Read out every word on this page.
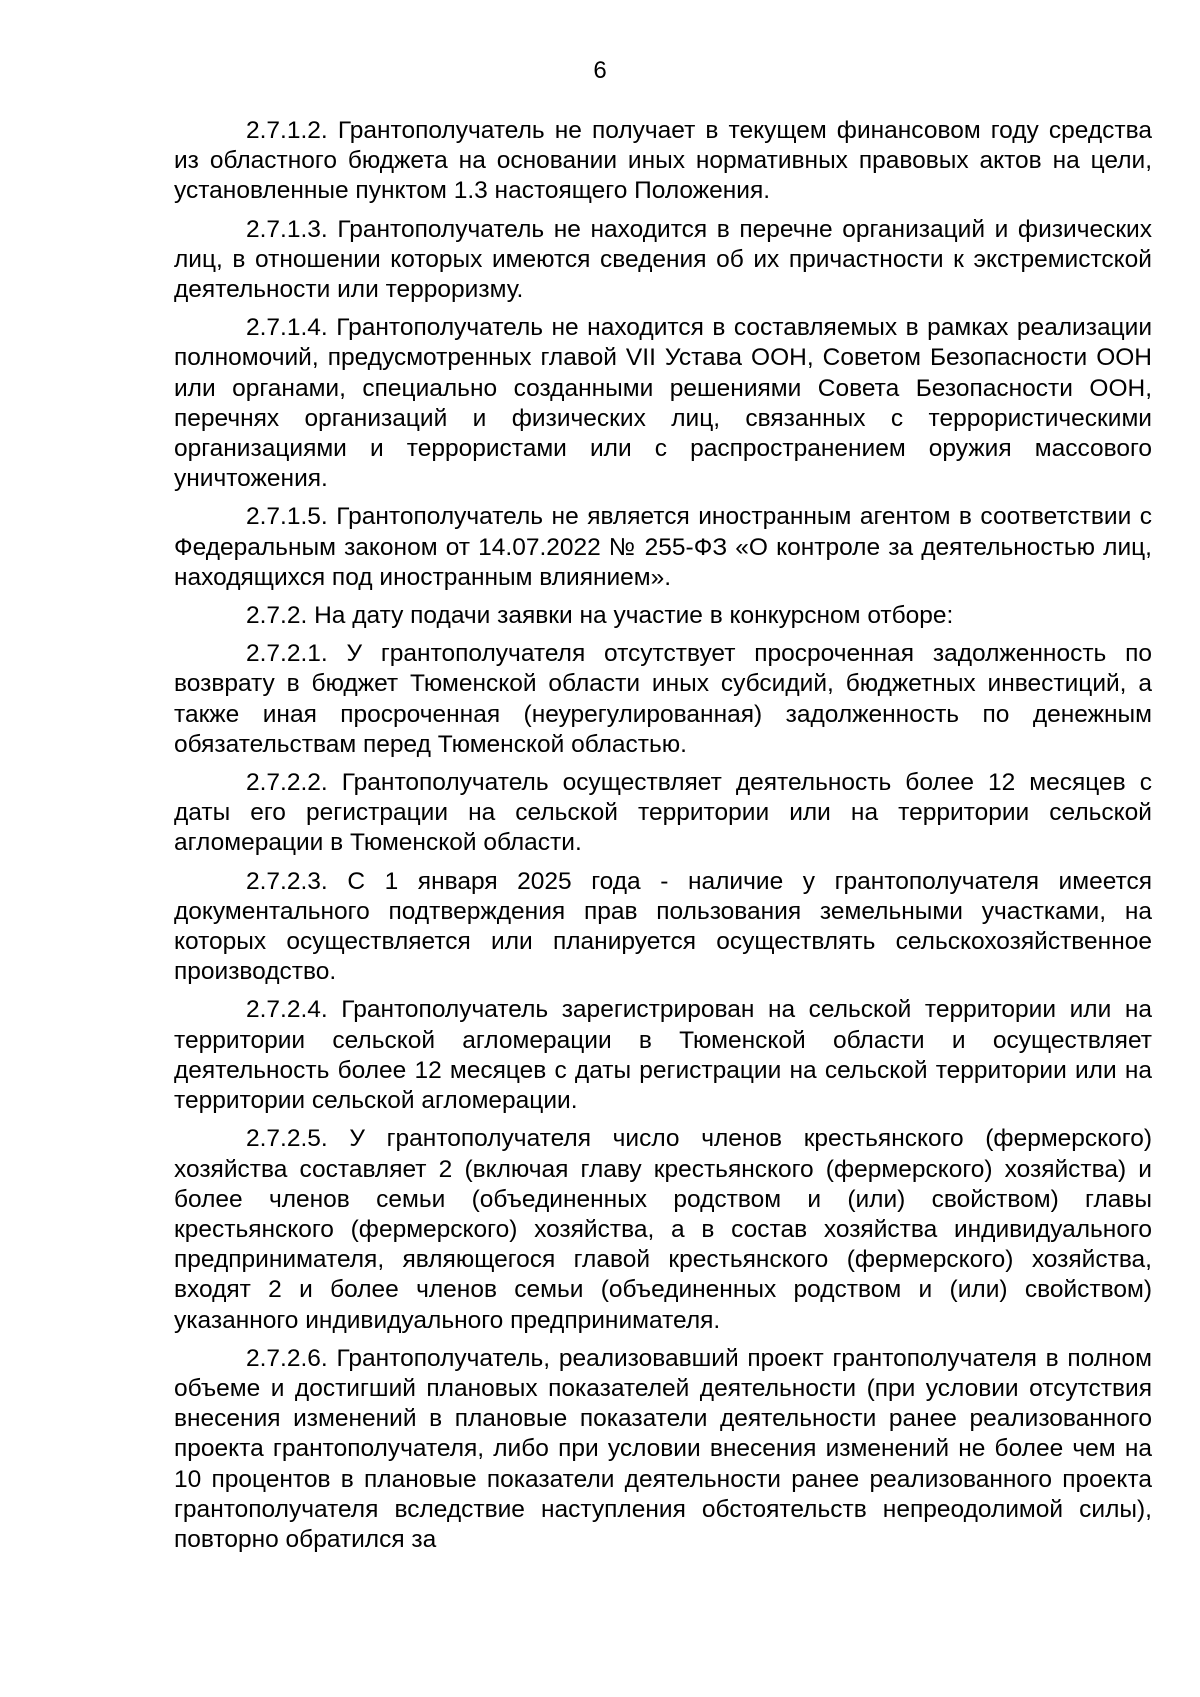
6

2.7.1.2. Грантополучатель не получает в текущем финансовом году средства из областного бюджета на основании иных нормативных правовых актов на цели, установленные пунктом 1.3 настоящего Положения.

2.7.1.3. Грантополучатель не находится в перечне организаций и физических лиц, в отношении которых имеются сведения об их причастности к экстремистской деятельности или терроризму.

2.7.1.4. Грантополучатель не находится в составляемых в рамках реализации полномочий, предусмотренных главой VII Устава ООН, Советом Безопасности ООН или органами, специально созданными решениями Совета Безопасности ООН, перечнях организаций и физических лиц, связанных с террористическими организациями и террористами или с распространением оружия массового уничтожения.

2.7.1.5. Грантополучатель не является иностранным агентом в соответствии с Федеральным законом от 14.07.2022 № 255-ФЗ «О контроле за деятельностью лиц, находящихся под иностранным влиянием».

2.7.2. На дату подачи заявки на участие в конкурсном отборе:

2.7.2.1. У грантополучателя отсутствует просроченная задолженность по возврату в бюджет Тюменской области иных субсидий, бюджетных инвестиций, а также иная просроченная (неурегулированная) задолженность по денежным обязательствам перед Тюменской областью.

2.7.2.2. Грантополучатель осуществляет деятельность более 12 месяцев с даты его регистрации на сельской территории или на территории сельской агломерации в Тюменской области.

2.7.2.3. С 1 января 2025 года - наличие у грантополучателя имеется документального подтверждения прав пользования земельными участками, на которых осуществляется или планируется осуществлять сельскохозяйственное производство.

2.7.2.4. Грантополучатель зарегистрирован на сельской территории или на территории сельской агломерации в Тюменской области и осуществляет деятельность более 12 месяцев с даты регистрации на сельской территории или на территории сельской агломерации.

2.7.2.5. У грантополучателя число членов крестьянского (фермерского) хозяйства составляет 2 (включая главу крестьянского (фермерского) хозяйства) и более членов семьи (объединенных родством и (или) свойством) главы крестьянского (фермерского) хозяйства, а в состав хозяйства индивидуального предпринимателя, являющегося главой крестьянского (фермерского) хозяйства, входят 2 и более членов семьи (объединенных родством и (или) свойством) указанного индивидуального предпринимателя.

2.7.2.6. Грантополучатель, реализовавший проект грантополучателя в полном объеме и достигший плановых показателей деятельности (при условии отсутствия внесения изменений в плановые показатели деятельности ранее реализованного проекта грантополучателя, либо при условии внесения изменений не более чем на 10 процентов в плановые показатели деятельности ранее реализованного проекта грантополучателя вследствие наступления обстоятельств непреодолимой силы), повторно обратился за
